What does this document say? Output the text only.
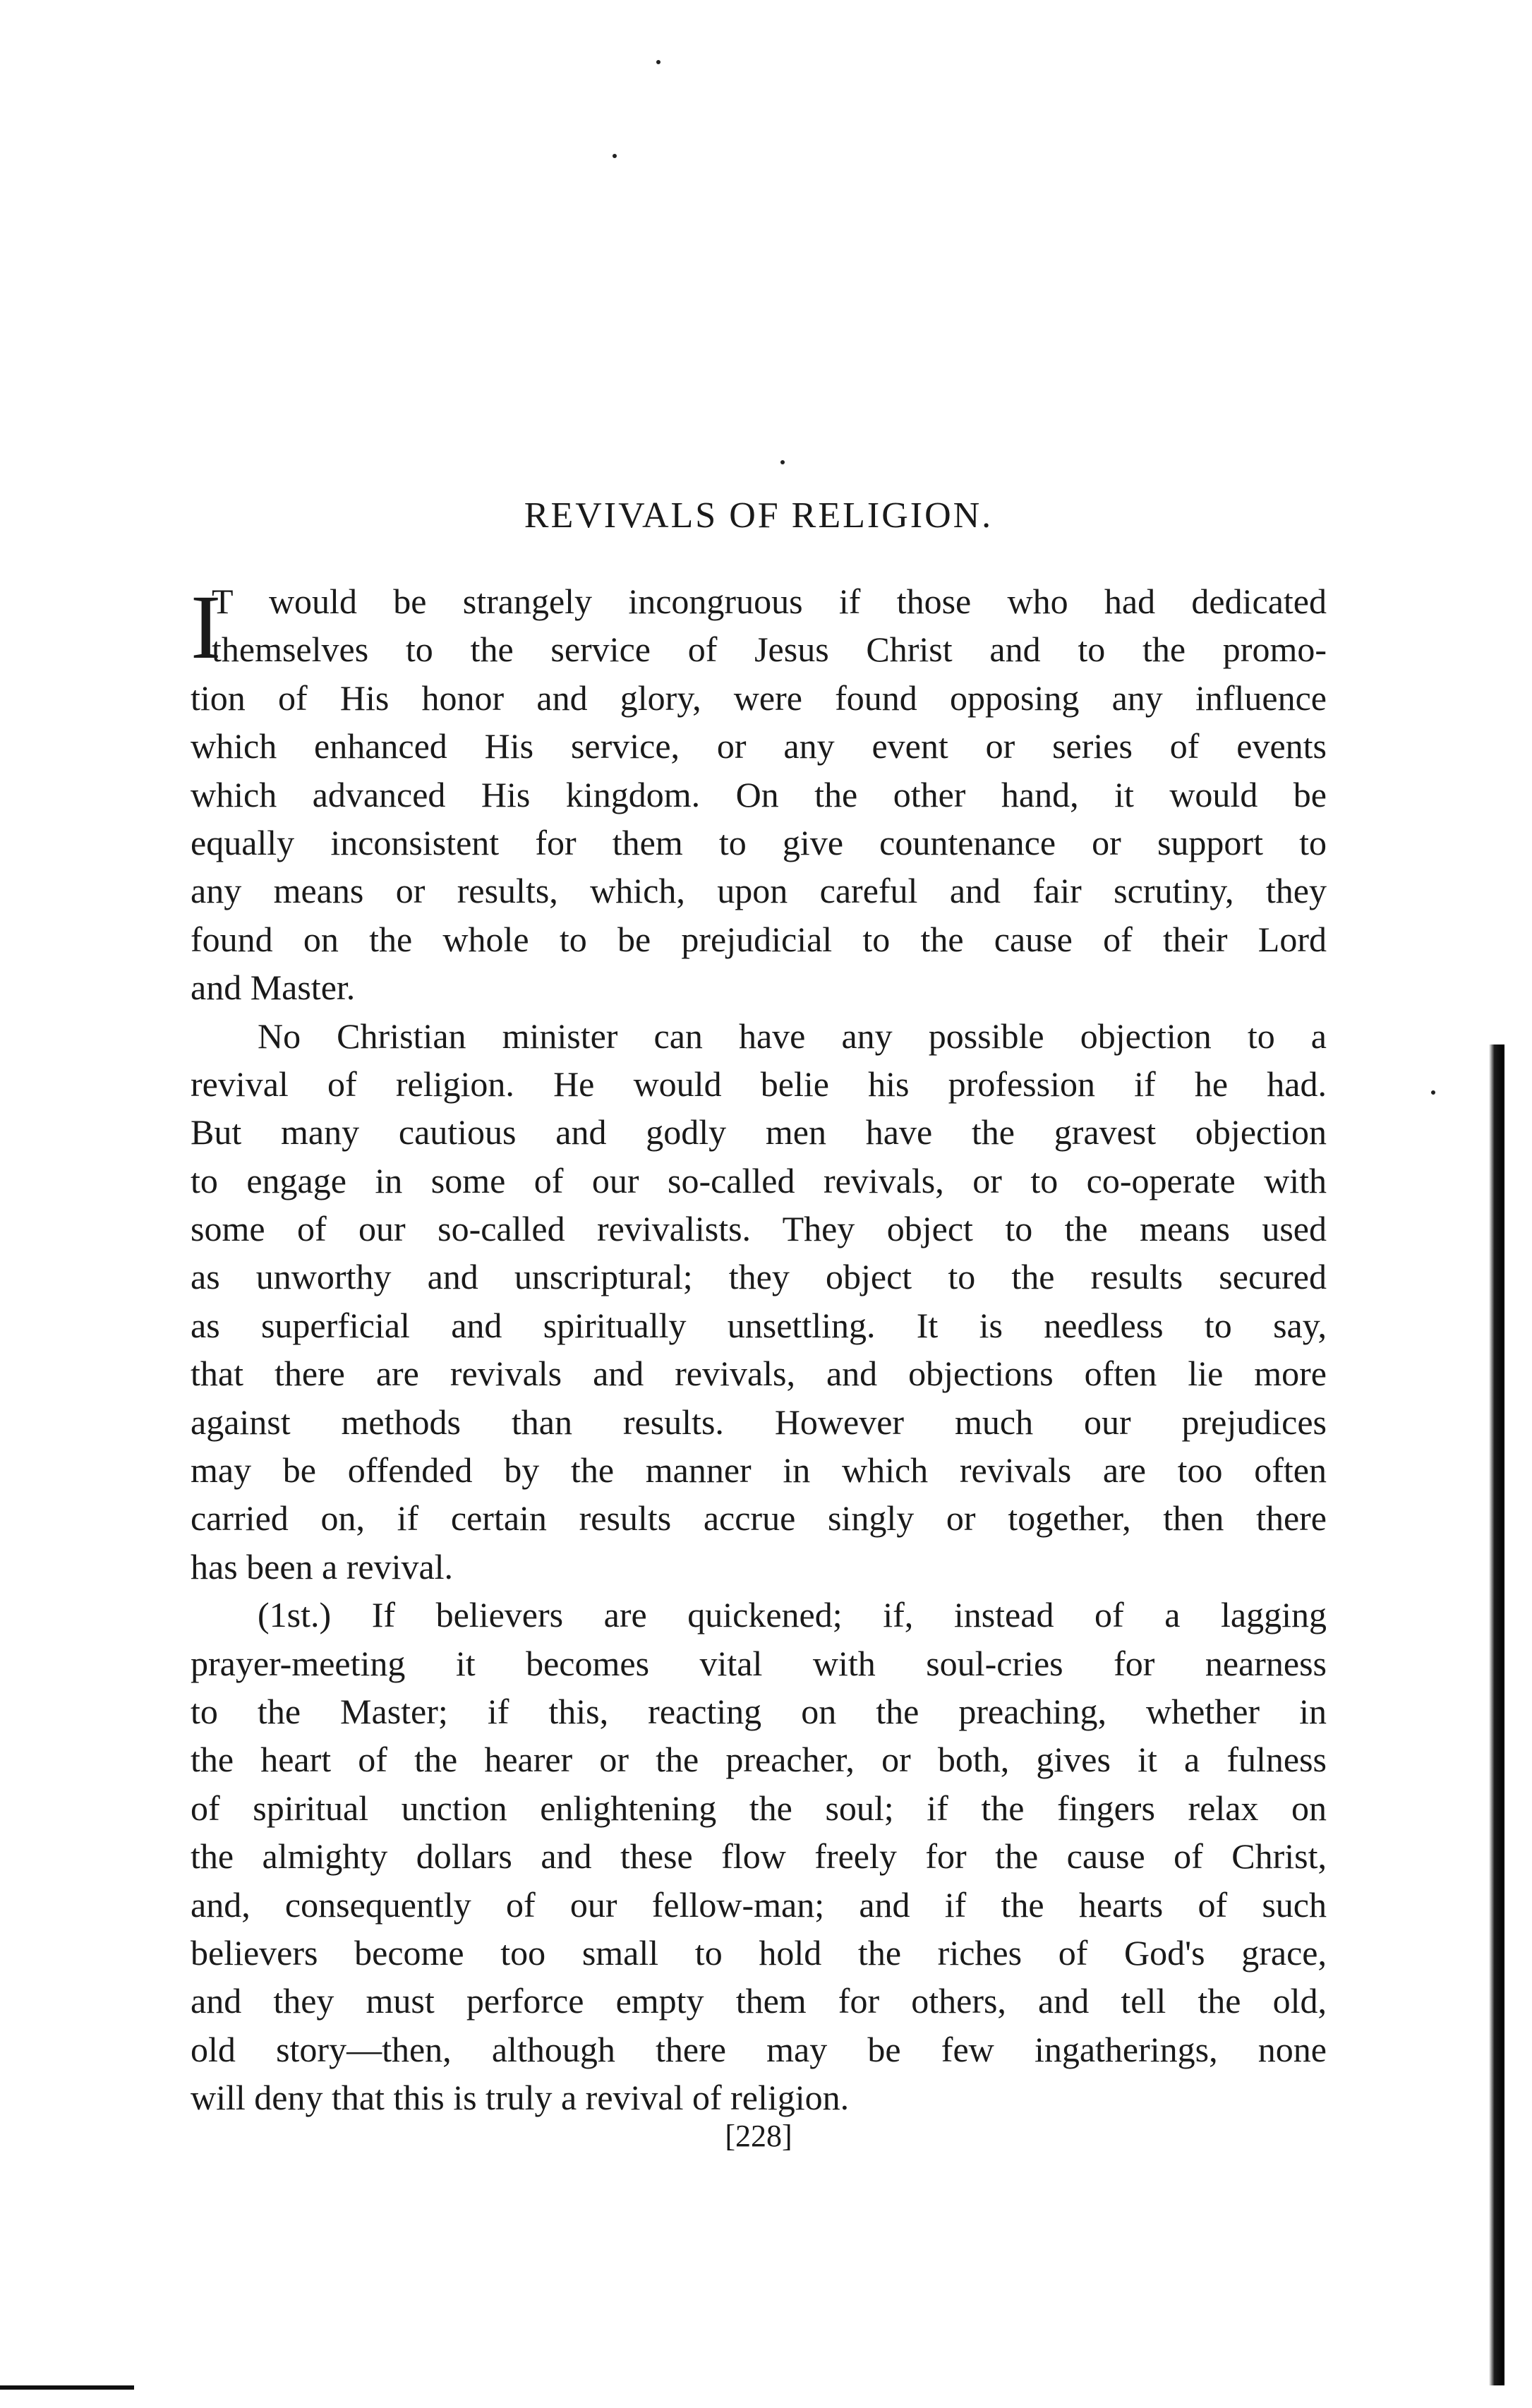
REVIVALS OF RELIGION.
I
T would be strangely incongruous if those who had dedicated
themselves to the service of Jesus Christ and to the promo-
tion of His honor and glory, were found opposing any influence
which enhanced His service, or any event or series of events
which advanced His kingdom. On the other hand, it would be
equally inconsistent for them to give countenance or support to
any means or results, which, upon careful and fair scrutiny, they
found on the whole to be prejudicial to the cause of their Lord
and Master.
No Christian minister can have any possible objection to a
revival of religion. He would belie his profession if he had.
But many cautious and godly men have the gravest objection
to engage in some of our so-called revivals, or to co-operate with
some of our so-called revivalists. They object to the means used
as unworthy and unscriptural; they object to the results secured
as superficial and spiritually unsettling. It is needless to say,
that there are revivals and revivals, and objections often lie more
against methods than results. However much our prejudices
may be offended by the manner in which revivals are too often
carried on, if certain results accrue singly or together, then there
has been a revival.
(1st.) If believers are quickened; if, instead of a lagging
prayer-meeting it becomes vital with soul-cries for nearness
to the Master; if this, reacting on the preaching, whether in
the heart of the hearer or the preacher, or both, gives it a fulness
of spiritual unction enlightening the soul; if the fingers relax on
the almighty dollars and these flow freely for the cause of Christ,
and, consequently of our fellow-man; and if the hearts of such
believers become too small to hold the riches of God's grace,
and they must perforce empty them for others, and tell the old,
old story—then, although there may be few ingatherings, none
will deny that this is truly a revival of religion.
[228]
